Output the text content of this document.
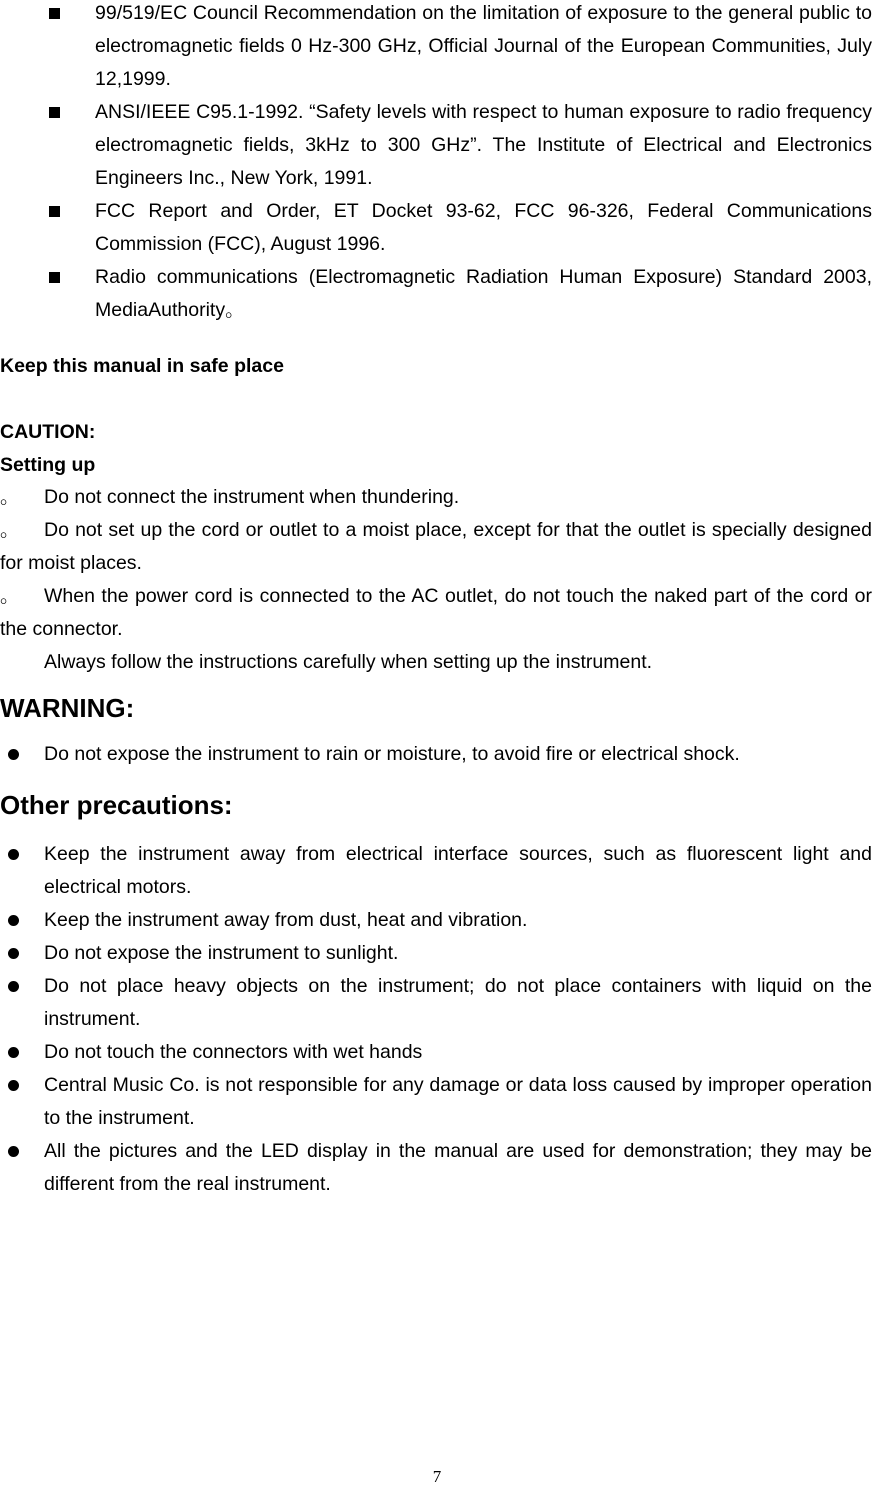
99/519/EC Council Recommendation on the limitation of exposure to the general public to electromagnetic fields 0 Hz-300 GHz, Official Journal of the European Communities, July 12,1999.
ANSI/IEEE C95.1-1992. “Safety levels with respect to human exposure to radio frequency electromagnetic fields, 3kHz to 300 GHz”. The Institute of Electrical and Electronics Engineers Inc., New York, 1991.
FCC Report and Order, ET Docket 93-62, FCC 96-326, Federal Communications Commission (FCC), August 1996.
Radio communications (Electromagnetic Radiation Human Exposure) Standard 2003, MediaAuthority。
Keep this manual in safe place
CAUTION:
Setting up
。 Do not connect the instrument when thundering.
。 Do not set up the cord or outlet to a moist place, except for that the outlet is specially designed for moist places.
。 When the power cord is connected to the AC outlet, do not touch the naked part of the cord or the connector.
Always follow the instructions carefully when setting up the instrument.
WARNING:
Do not expose the instrument to rain or moisture, to avoid fire or electrical shock.
Other precautions:
Keep the instrument away from electrical interface sources, such as fluorescent light and electrical motors.
Keep the instrument away from dust, heat and vibration.
Do not expose the instrument to sunlight.
Do not place heavy objects on the instrument; do not place containers with liquid on the instrument.
Do not touch the connectors with wet hands
Central Music Co. is not responsible for any damage or data loss caused by improper operation to the instrument.
All the pictures and the LED display in the manual are used for demonstration; they may be different from the real instrument.
7
